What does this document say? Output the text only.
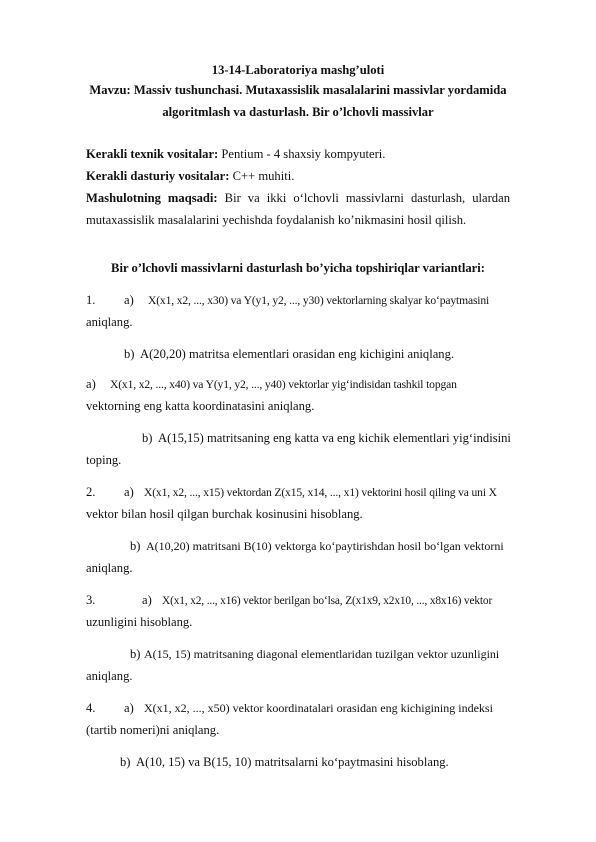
13-14-Laboratoriya mashg’uloti
Mavzu: Massiv tushunchasi. Mutaxassislik masalalarini massivlar yordamida
algoritmlash va dasturlash. Bir o’lchovli massivlar
Kerakli texnik vositalar: Pentium - 4 shaxsiy kompyuteri.
Kerakli dasturiy vositalar: C++ muhiti.
Mashulotning maqsadi: Bir va ikki o‘lchovli massivlarni dasturlash, ulardan
mutaxassislik masalalarini yechishda foydalanish ko’nikmasini hosil qilish.
Bir o’lchovli massivlarni dasturlash bo’yicha topshiriqlar variantlari:
1. a) X(x1, x2, ..., x30) va Y(y1, y2, ..., y30) vektorlarning skalyar ko‘paytmasini
aniqlang.
b) A(20,20) matritsa elementlari orasidan eng kichigini aniqlang.
a) X(x1, x2, ..., x40) va Y(y1, y2, ..., y40) vektorlar yig‘indisidan tashkil topgan
vektorning eng katta koordinatasini aniqlang.
b) A(15,15) matritsaning eng katta va eng kichik elementlari yig‘indisini
toping.
2. a) X(x1, x2, ..., x15) vektordan Z(x15, x14, ..., x1) vektorini hosil qiling va uni X
vektor bilan hosil qilgan burchak kosinusini hisoblang.
b) A(10,20) matritsani B(10) vektorga ko‘paytirishdan hosil bo‘lgan vektorni
aniqlang.
3.	a) X(x1, x2, ..., x16) vektor berilgan bo‘lsa, Z(x1x9, x2x10, ..., x8x16) vektor
uzunligini hisoblang.
b) A(15, 15) matritsaning diagonal elementlaridan tuzilgan vektor uzunligini
aniqlang.
4. a) X(x1, x2, ..., x50) vektor koordinatalari orasidan eng kichigining indeksi
(tartib nomeri)ni aniqlang.
b) A(10, 15) va B(15, 10) matritsalarni ko‘paytmasini hisoblang.
